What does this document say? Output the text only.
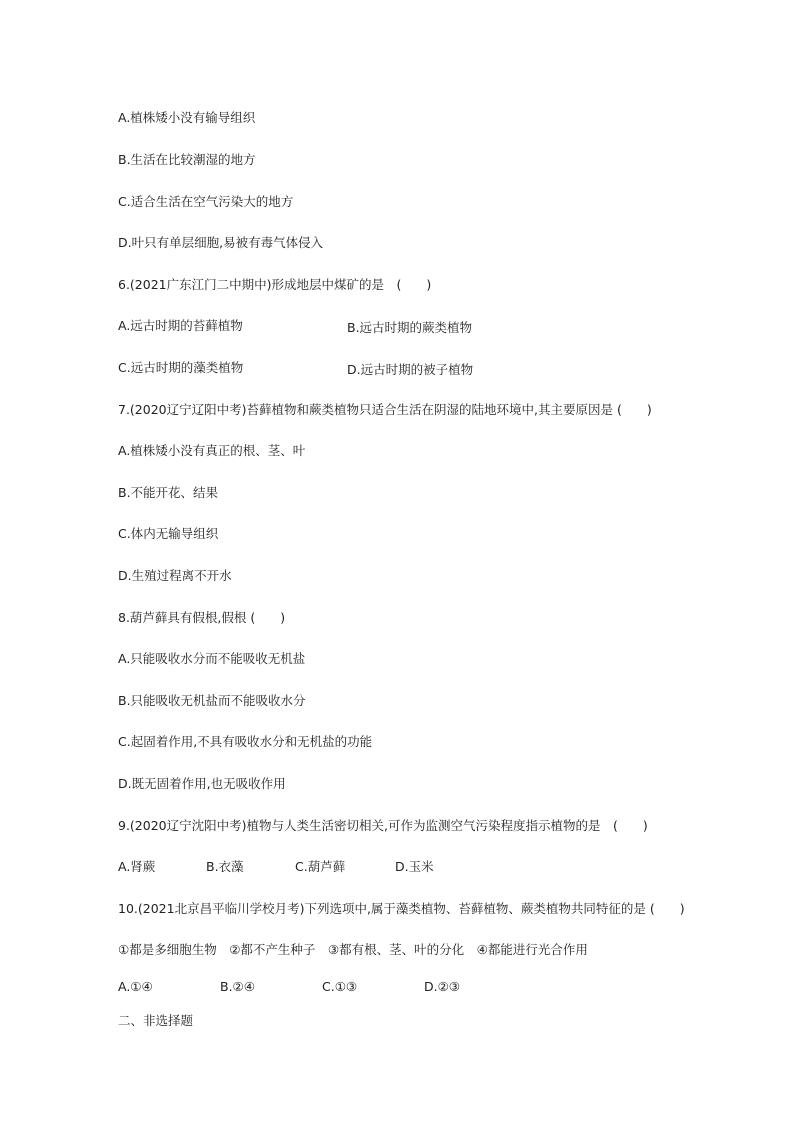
A.植株矮小没有输导组织
B.生活在比较潮湿的地方
C.适合生活在空气污染大的地方
D.叶只有单层细胞,易被有毒气体侵入
6.(2021广东江门二中期中)形成地层中煤矿的是　(　　)
A.远古时期的苔藓植物	B.远古时期的蕨类植物
C.远古时期的藻类植物	D.远古时期的被子植物
7.(2020辽宁辽阳中考)苔藓植物和蕨类植物只适合生活在阴湿的陆地环境中,其主要原因是 (　　)
A.植株矮小没有真正的根、茎、叶
B.不能开花、结果
C.体内无输导组织
D.生殖过程离不开水
8.葫芦藓具有假根,假根 (　　)
A.只能吸收水分而不能吸收无机盐
B.只能吸收无机盐而不能吸收水分
C.起固着作用,不具有吸收水分和无机盐的功能
D.既无固着作用,也无吸收作用
9.(2020辽宁沈阳中考)植物与人类生活密切相关,可作为监测空气污染程度指示植物的是　(　　)
A.肾蕨	B.衣藻	C.葫芦藓	D.玉米
10.(2021北京昌平临川学校月考)下列选项中,属于藻类植物、苔藓植物、蕨类植物共同特征的是 (　　)
①都是多细胞生物　②都不产生种子　③都有根、茎、叶的分化　④都能进行光合作用
A.①④	B.②④	C.①③	D.②③
二、非选择题
